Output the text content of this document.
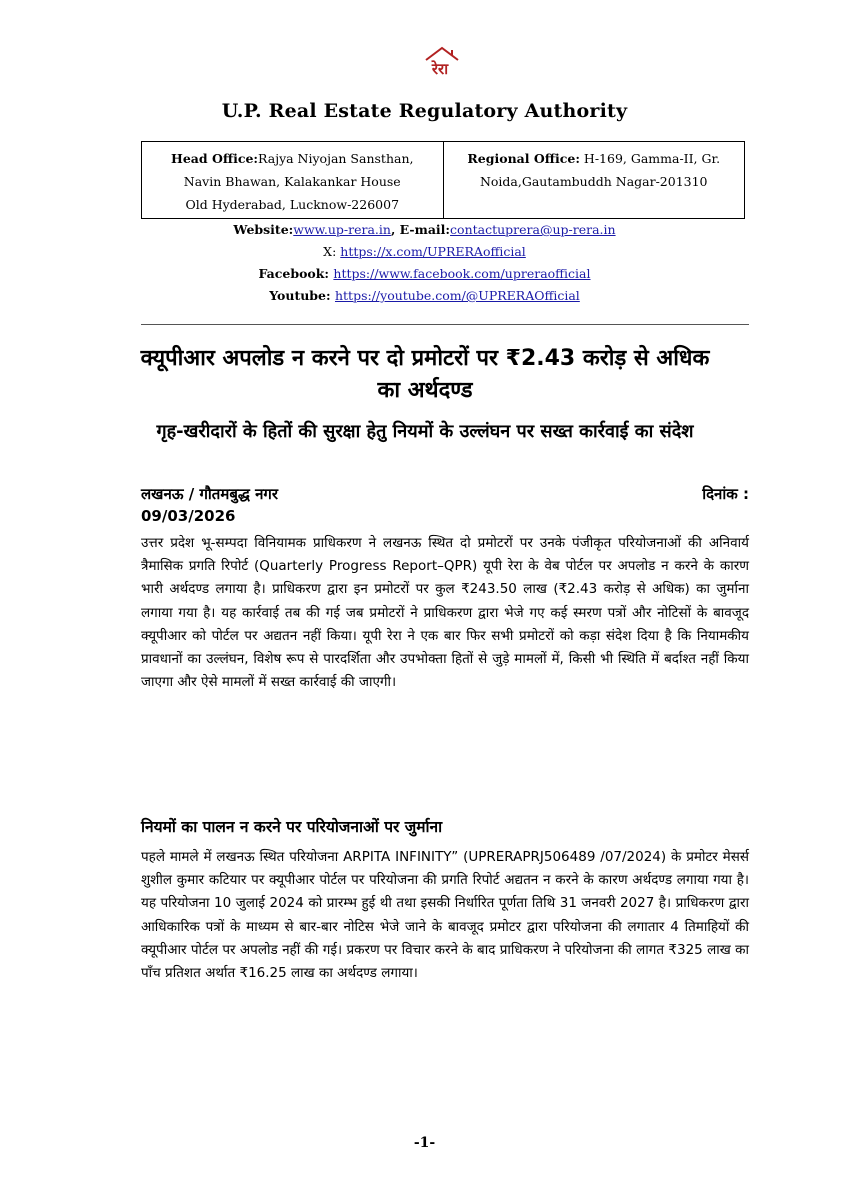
रेरा
U.P. Real Estate Regulatory Authority
Head Office:Rajya Niyojan Sansthan,
Navin Bhawan, Kalakankar House
Old Hyderabad, Lucknow-226007
Regional Office: H-169, Gamma-II, Gr.
Noida,Gautambuddh Nagar-201310
Website:www.up-rera.in, E-mail:contactuprera@up-rera.in
X: https://x.com/UPRERAofficial
Facebook: https://www.facebook.com/upreraofficial
Youtube: https://youtube.com/@UPRERAOfficial
क्यूपीआर अपलोड न करने पर दो प्रमोटरों पर ₹2.43 करोड़ से अधिक का अर्थदण्ड
गृह-खरीदारों के हितों की सुरक्षा हेतु नियमों के उल्लंघन पर सख्त कार्रवाई का संदेश
लखनऊ / गौतमबुद्ध नगर	दिनांक :
09/03/2026
उत्तर प्रदेश भू-सम्पदा विनियामक प्राधिकरण ने लखनऊ स्थित दो प्रमोटरों पर उनके पंजीकृत परियोजनाओं की अनिवार्य त्रैमासिक प्रगति रिपोर्ट (Quarterly Progress Report–QPR) यूपी रेरा के वेब पोर्टल पर अपलोड न करने के कारण भारी अर्थदण्ड लगाया है। प्राधिकरण द्वारा इन प्रमोटरों पर कुल ₹243.50 लाख (₹2.43 करोड़ से अधिक) का जुर्माना लगाया गया है। यह कार्रवाई तब की गई जब प्रमोटरों ने प्राधिकरण द्वारा भेजे गए कई स्मरण पत्रों और नोटिसों के बावजूद क्यूपीआर को पोर्टल पर अद्यतन नहीं किया। यूपी रेरा ने एक बार फिर सभी प्रमोटरों को कड़ा संदेश दिया है कि नियामकीय प्रावधानों का उल्लंघन, विशेष रूप से पारदर्शिता और उपभोक्ता हितों से जुड़े मामलों में, किसी भी स्थिति में बर्दाश्त नहीं किया जाएगा और ऐसे मामलों में सख्त कार्रवाई की जाएगी।
नियमों का पालन न करने पर परियोजनाओं पर जुर्माना
पहले मामले में लखनऊ स्थित परियोजना ARPITA INFINITY” (UPRERAPRJ506489 /07/2024) के प्रमोटर मेसर्स शुशील कुमार कटियार पर क्यूपीआर पोर्टल पर परियोजना की प्रगति रिपोर्ट अद्यतन न करने के कारण अर्थदण्ड लगाया गया है। यह परियोजना 10 जुलाई 2024 को प्रारम्भ हुई थी तथा इसकी निर्धारित पूर्णता तिथि 31 जनवरी 2027 है। प्राधिकरण द्वारा आधिकारिक पत्रों के माध्यम से बार-बार नोटिस भेजे जाने के बावजूद प्रमोटर द्वारा परियोजना की लगातार 4 तिमाहियों की क्यूपीआर पोर्टल पर अपलोड नहीं की गई। प्रकरण पर विचार करने के बाद प्राधिकरण ने परियोजना की लागत ₹325 लाख का पाँच प्रतिशत अर्थात ₹16.25 लाख का अर्थदण्ड लगाया।
-1-
